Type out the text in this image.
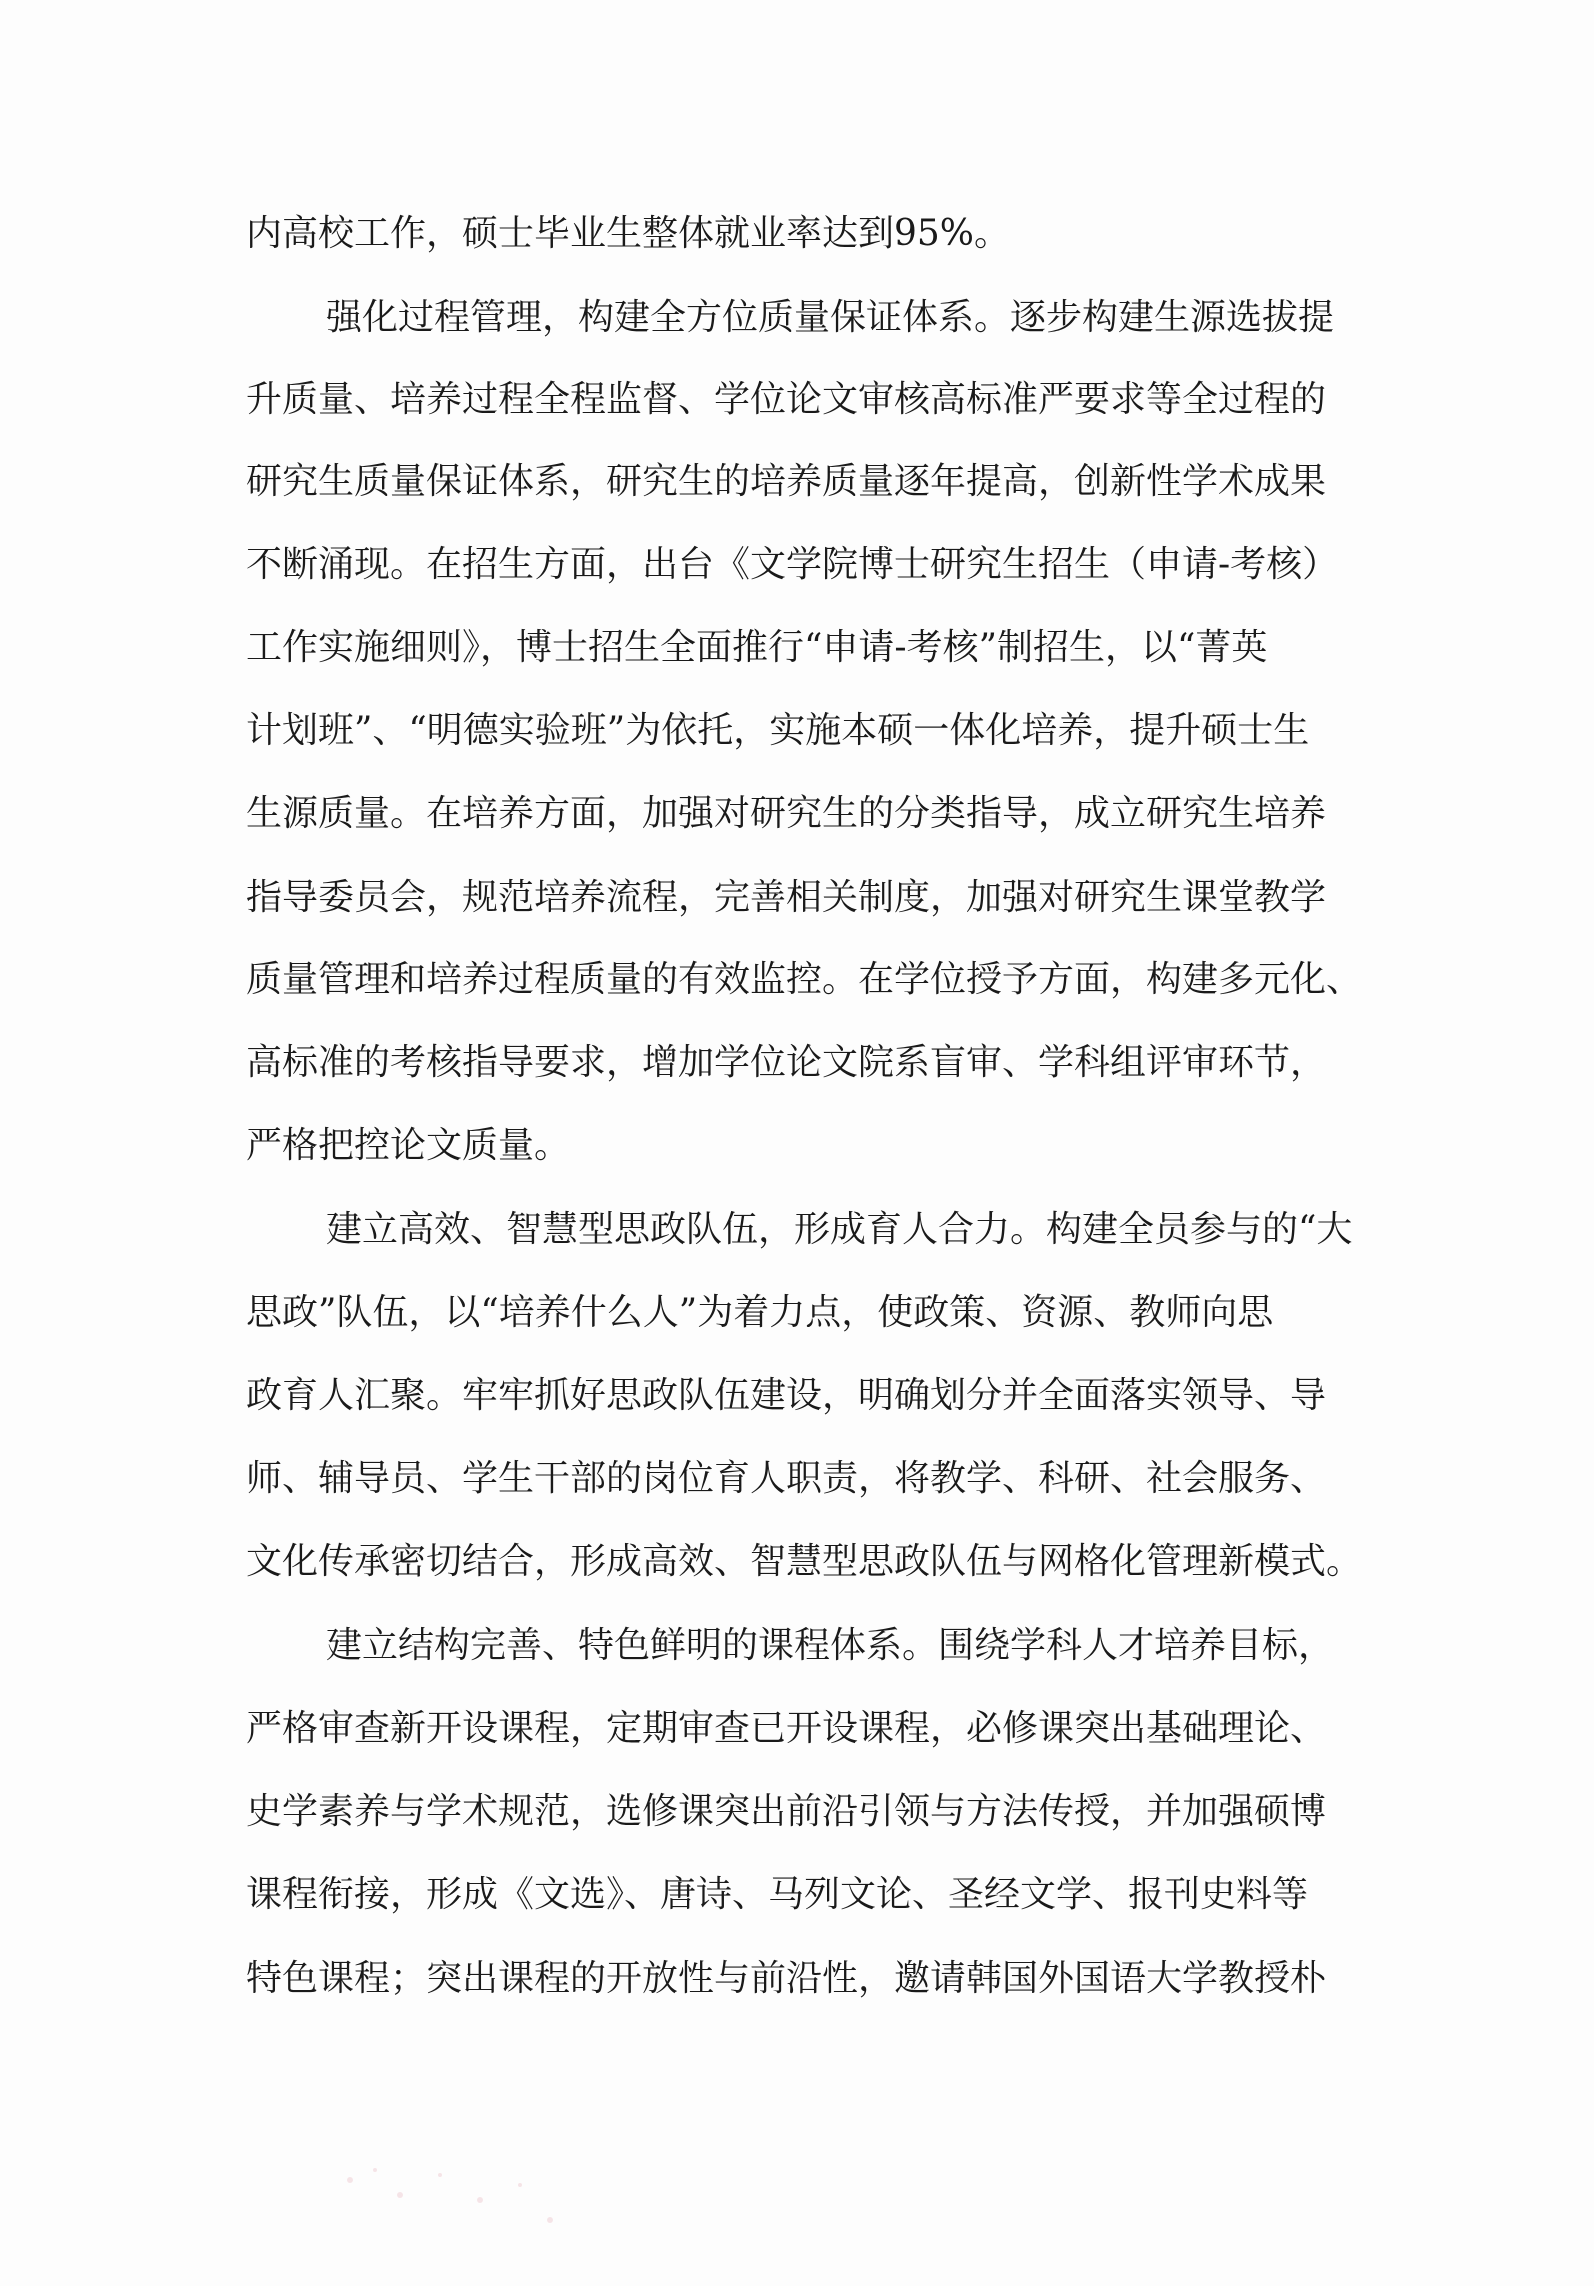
内高校工作，硕士毕业生整体就业率达到95%。
强化过程管理，构建全方位质量保证体系。逐步构建生源选拔提
升质量、培养过程全程监督、学位论文审核高标准严要求等全过程的
研究生质量保证体系，研究生的培养质量逐年提高，创新性学术成果
不断涌现。在招生方面，出台《文学院博士研究生招生（申请-考核）
工作实施细则》，博士招生全面推行“申请-考核”制招生，以“菁英
计划班”、“明德实验班”为依托，实施本硕一体化培养，提升硕士生
生源质量。在培养方面，加强对研究生的分类指导，成立研究生培养
指导委员会，规范培养流程，完善相关制度，加强对研究生课堂教学
质量管理和培养过程质量的有效监控。在学位授予方面，构建多元化、
高标准的考核指导要求，增加学位论文院系盲审、学科组评审环节，
严格把控论文质量。
建立高效、智慧型思政队伍，形成育人合力。构建全员参与的“大
思政”队伍，以“培养什么人”为着力点，使政策、资源、教师向思
政育人汇聚。牢牢抓好思政队伍建设，明确划分并全面落实领导、导
师、辅导员、学生干部的岗位育人职责，将教学、科研、社会服务、
文化传承密切结合，形成高效、智慧型思政队伍与网格化管理新模式。
建立结构完善、特色鲜明的课程体系。围绕学科人才培养目标，
严格审查新开设课程，定期审查已开设课程，必修课突出基础理论、
史学素养与学术规范，选修课突出前沿引领与方法传授，并加强硕博
课程衔接，形成《文选》、唐诗、马列文论、圣经文学、报刊史料等
特色课程；突出课程的开放性与前沿性，邀请韩国外国语大学教授朴
